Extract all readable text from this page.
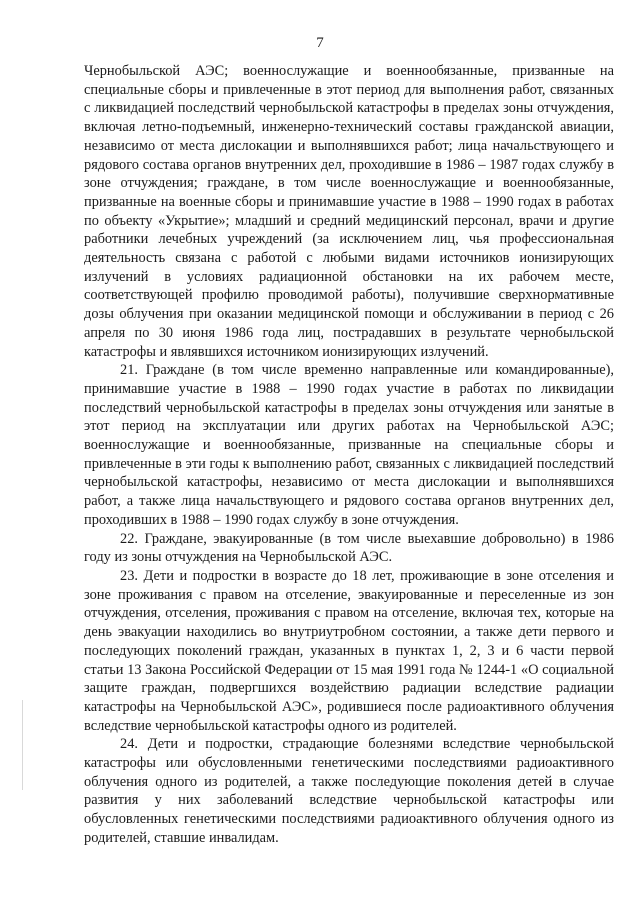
7

Чернобыльской АЭС; военнослужащие и военнообязанные, призванные на специальные сборы и привлеченные в этот период для выполнения работ, связанных с ликвидацией последствий чернобыльской катастрофы в пределах зоны отчуждения, включая летно-подъемный, инженерно-технический составы гражданской авиации, независимо от места дислокации и выполнявшихся работ; лица начальствующего и рядового состава органов внутренних дел, проходившие в 1986 – 1987 годах службу в зоне отчуждения; граждане, в том числе военнослужащие и военнообязанные, призванные на военные сборы и принимавшие участие в 1988 – 1990 годах в работах по объекту «Укрытие»; младший и средний медицинский персонал, врачи и другие работники лечебных учреждений (за исключением лиц, чья профессиональная деятельность связана с работой с любыми видами источников ионизирующих излучений в условиях радиационной обстановки на их рабочем месте, соответствующей профилю проводимой работы), получившие сверхнормативные дозы облучения при оказании медицинской помощи и обслуживании в период с 26 апреля по 30 июня 1986 года лиц, пострадавших в результате чернобыльской катастрофы и являвшихся источником ионизирующих излучений.

21. Граждане (в том числе временно направленные или командированные), принимавшие участие в 1988 – 1990 годах участие в работах по ликвидации последствий чернобыльской катастрофы в пределах зоны отчуждения или занятые в этот период на эксплуатации или других работах на Чернобыльской АЭС; военнослужащие и военнообязанные, призванные на специальные сборы и привлеченные в эти годы к выполнению работ, связанных с ликвидацией последствий чернобыльской катастрофы, независимо от места дислокации и выполнявшихся работ, а также лица начальствующего и рядового состава органов внутренних дел, проходивших в 1988 – 1990 годах службу в зоне отчуждения.

22. Граждане, эвакуированные (в том числе выехавшие добровольно) в 1986 году из зоны отчуждения на Чернобыльской АЭС.

23. Дети и подростки в возрасте до 18 лет, проживающие в зоне отселения и зоне проживания с правом на отселение, эвакуированные и переселенные из зон отчуждения, отселения, проживания с правом на отселение, включая тех, которые на день эвакуации находились во внутриутробном состоянии, а также дети первого и последующих поколений граждан, указанных в пунктах 1, 2, 3 и 6 части первой статьи 13 Закона Российской Федерации от 15 мая 1991 года № 1244-1 «О социальной защите граждан, подвергшихся воздействию радиации вследствие радиации катастрофы на Чернобыльской АЭС», родившиеся после радиоактивного облучения вследствие чернобыльской катастрофы одного из родителей.

24. Дети и подростки, страдающие болезнями вследствие чернобыльской катастрофы или обусловленными генетическими последствиями радиоактивного облучения одного из родителей, а также последующие поколения детей в случае развития у них заболеваний вследствие чернобыльской катастрофы или обусловленных генетическими последствиями радиоактивного облучения одного из родителей, ставшие инвалидам.
